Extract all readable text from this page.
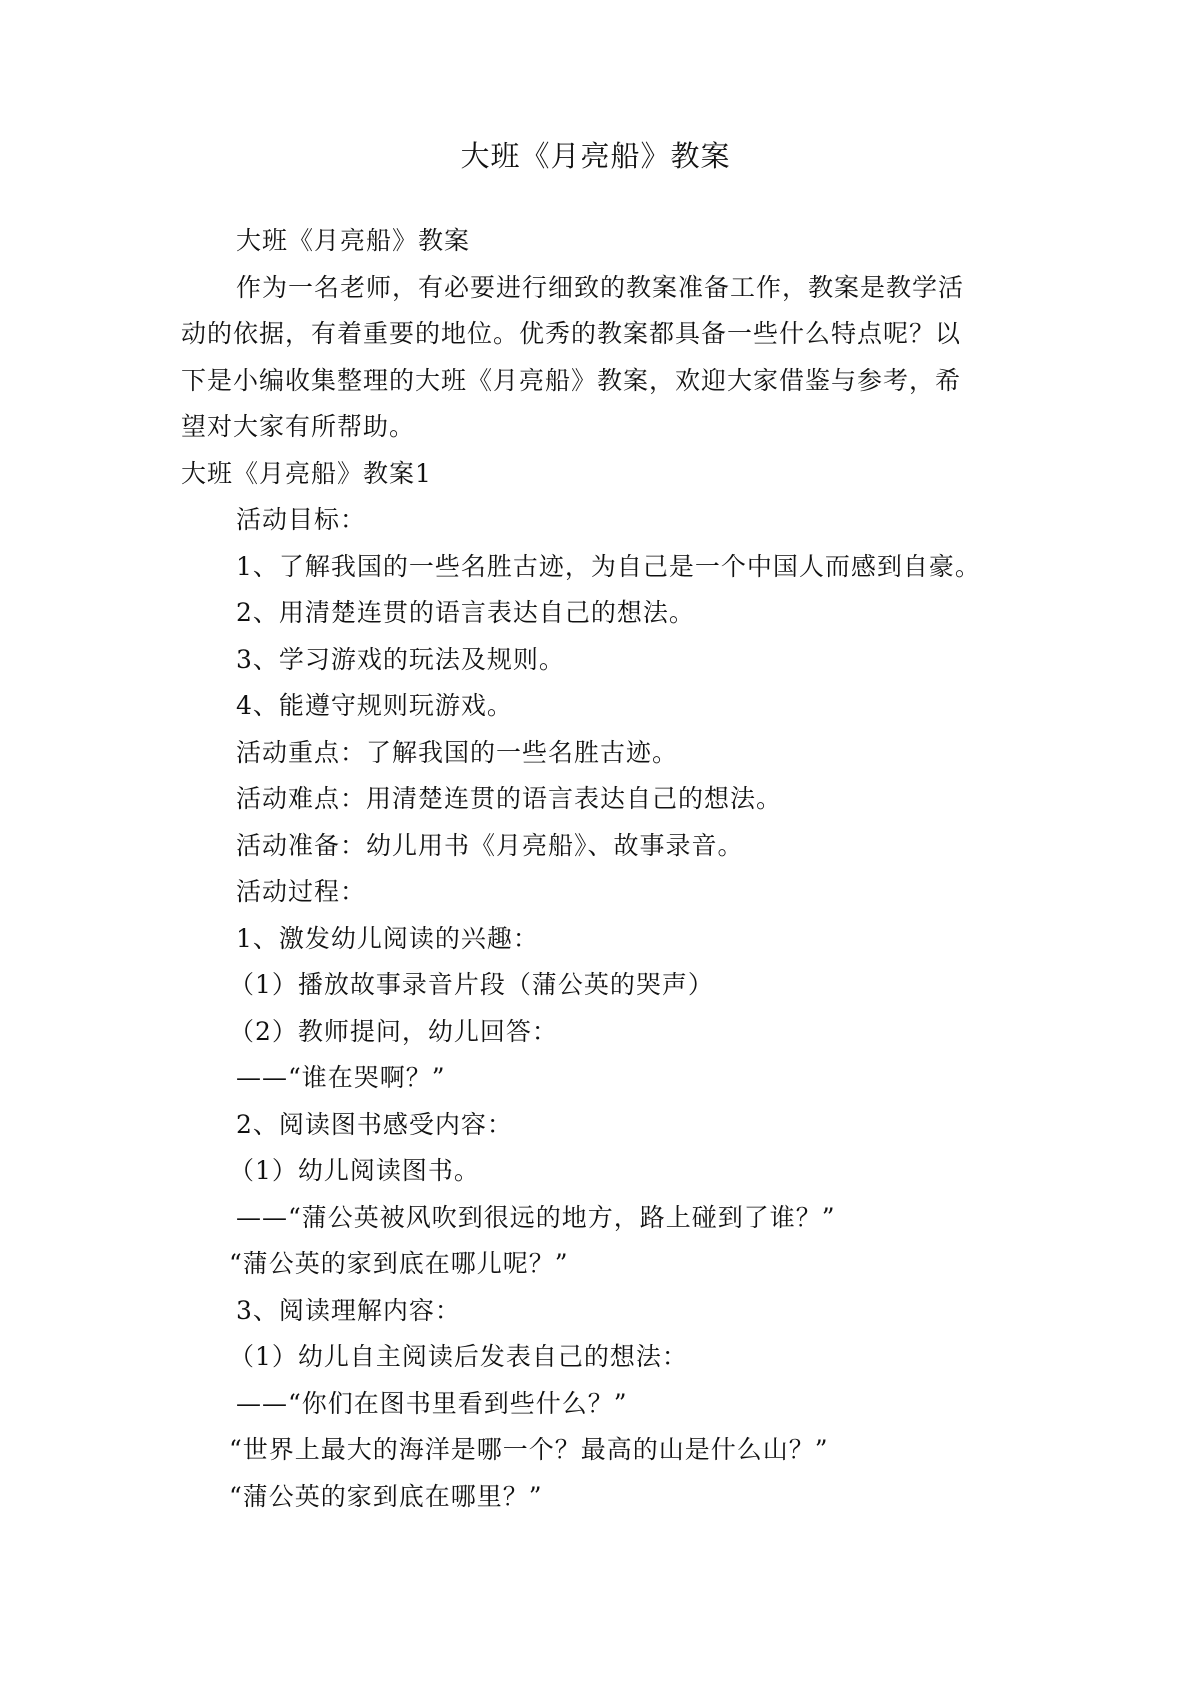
大班《月亮船》教案
大班《月亮船》教案
作为一名老师，有必要进行细致的教案准备工作，教案是教学活
动的依据，有着重要的地位。优秀的教案都具备一些什么特点呢？以
下是小编收集整理的大班《月亮船》教案，欢迎大家借鉴与参考，希
望对大家有所帮助。
大班《月亮船》教案1
活动目标：
1、了解我国的一些名胜古迹，为自己是一个中国人而感到自豪。
2、用清楚连贯的语言表达自己的想法。
3、学习游戏的玩法及规则。
4、能遵守规则玩游戏。
活动重点：了解我国的一些名胜古迹。
活动难点：用清楚连贯的语言表达自己的想法。
活动准备：幼儿用书《月亮船》、故事录音。
活动过程：
1、激发幼儿阅读的兴趣：
（1）播放故事录音片段（蒲公英的哭声）
（2）教师提问，幼儿回答：
——“谁在哭啊？”
2、阅读图书感受内容：
（1）幼儿阅读图书。
——“蒲公英被风吹到很远的地方，路上碰到了谁？”
“蒲公英的家到底在哪儿呢？”
3、阅读理解内容：
（1）幼儿自主阅读后发表自己的想法：
——“你们在图书里看到些什么？”
“世界上最大的海洋是哪一个？最高的山是什么山？”
“蒲公英的家到底在哪里？”
